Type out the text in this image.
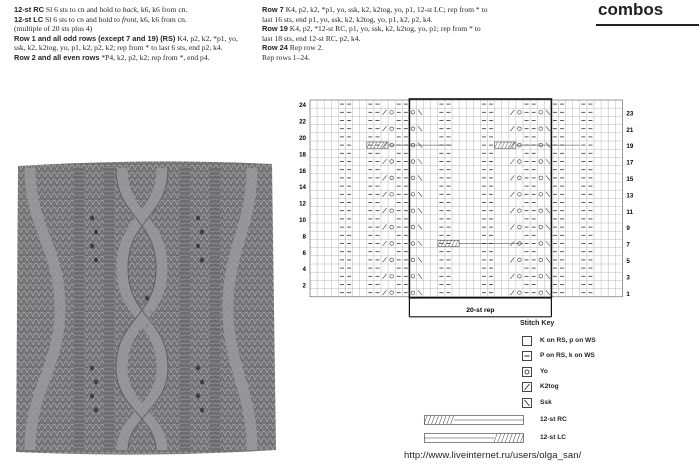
combos

12-st RC Sl 6 sts to cn and hold to back, k6, k6 from cn.

12-st LC Sl 6 sts to cn and hold to front, k6, k6 from cn.

(multiple of 20 sts plus 4)

Row 1 and all odd rows (except 7 and 19) (RS) K4, p2, k2, *p1, yo, ssk, k2, k2tog, yo, p1, k2, p2, k2; rep from * to last 6 sts, end p2, k4.

Row 2 and all even rows *P4, k2, p2, k2; rep from *, end p4.

Row 7 K4, p2, k2, *p1, yo, ssk, k2, k2tog, yo, p1, 12-st LC; rep from * to last 16 sts, end p1, yo, ssk, k2, k2tog, yo, p1, k2, p2, k4.

Row 19 K4, p2, *12-st RC, p1, yo, ssk, k2, k2tog, yo, p1; rep from * to last 18 sts, end 12-st RC, p2, k4.

Row 24 Rep row 2.

Rep rows 1–24.

145
24
22
20
18
16
14
12
10
8
6
4
2
23
21
19
17
15
13
11
9
7
5
3
1
20-st rep
Stitch Key
K on RS, p on WS
P on RS, k on WS
Yo
K2tog
Ssk
12-st RC
12-st LC
http://www.liveinternet.ru/users/olga_san/
